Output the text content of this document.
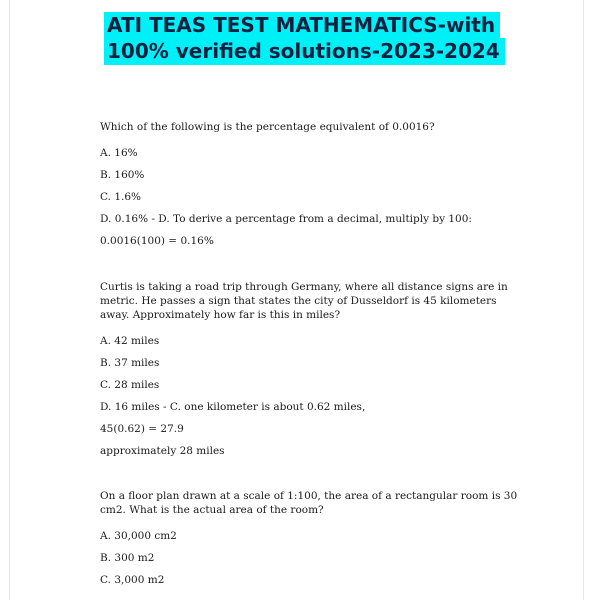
ATI TEAS TEST MATHEMATICS-with
100% verified solutions-2023-2024

Which of the following is the percentage equivalent of 0.0016?

A. 16%

B. 160%

C. 1.6%

D. 0.16% - D. To derive a percentage from a decimal, multiply by 100:

0.0016(100) = 0.16%

Curtis is taking a road trip through Germany, where all distance signs are in metric. He passes a sign that states the city of Dusseldorf is 45 kilometers away. Approximately how far is this in miles?

A. 42 miles

B. 37 miles

C. 28 miles

D. 16 miles - C. one kilometer is about 0.62 miles,

45(0.62) = 27.9

approximately 28 miles

On a floor plan drawn at a scale of 1:100, the area of a rectangular room is 30 cm2. What is the actual area of the room?

A. 30,000 cm2

B. 300 m2

C. 3,000 m2
